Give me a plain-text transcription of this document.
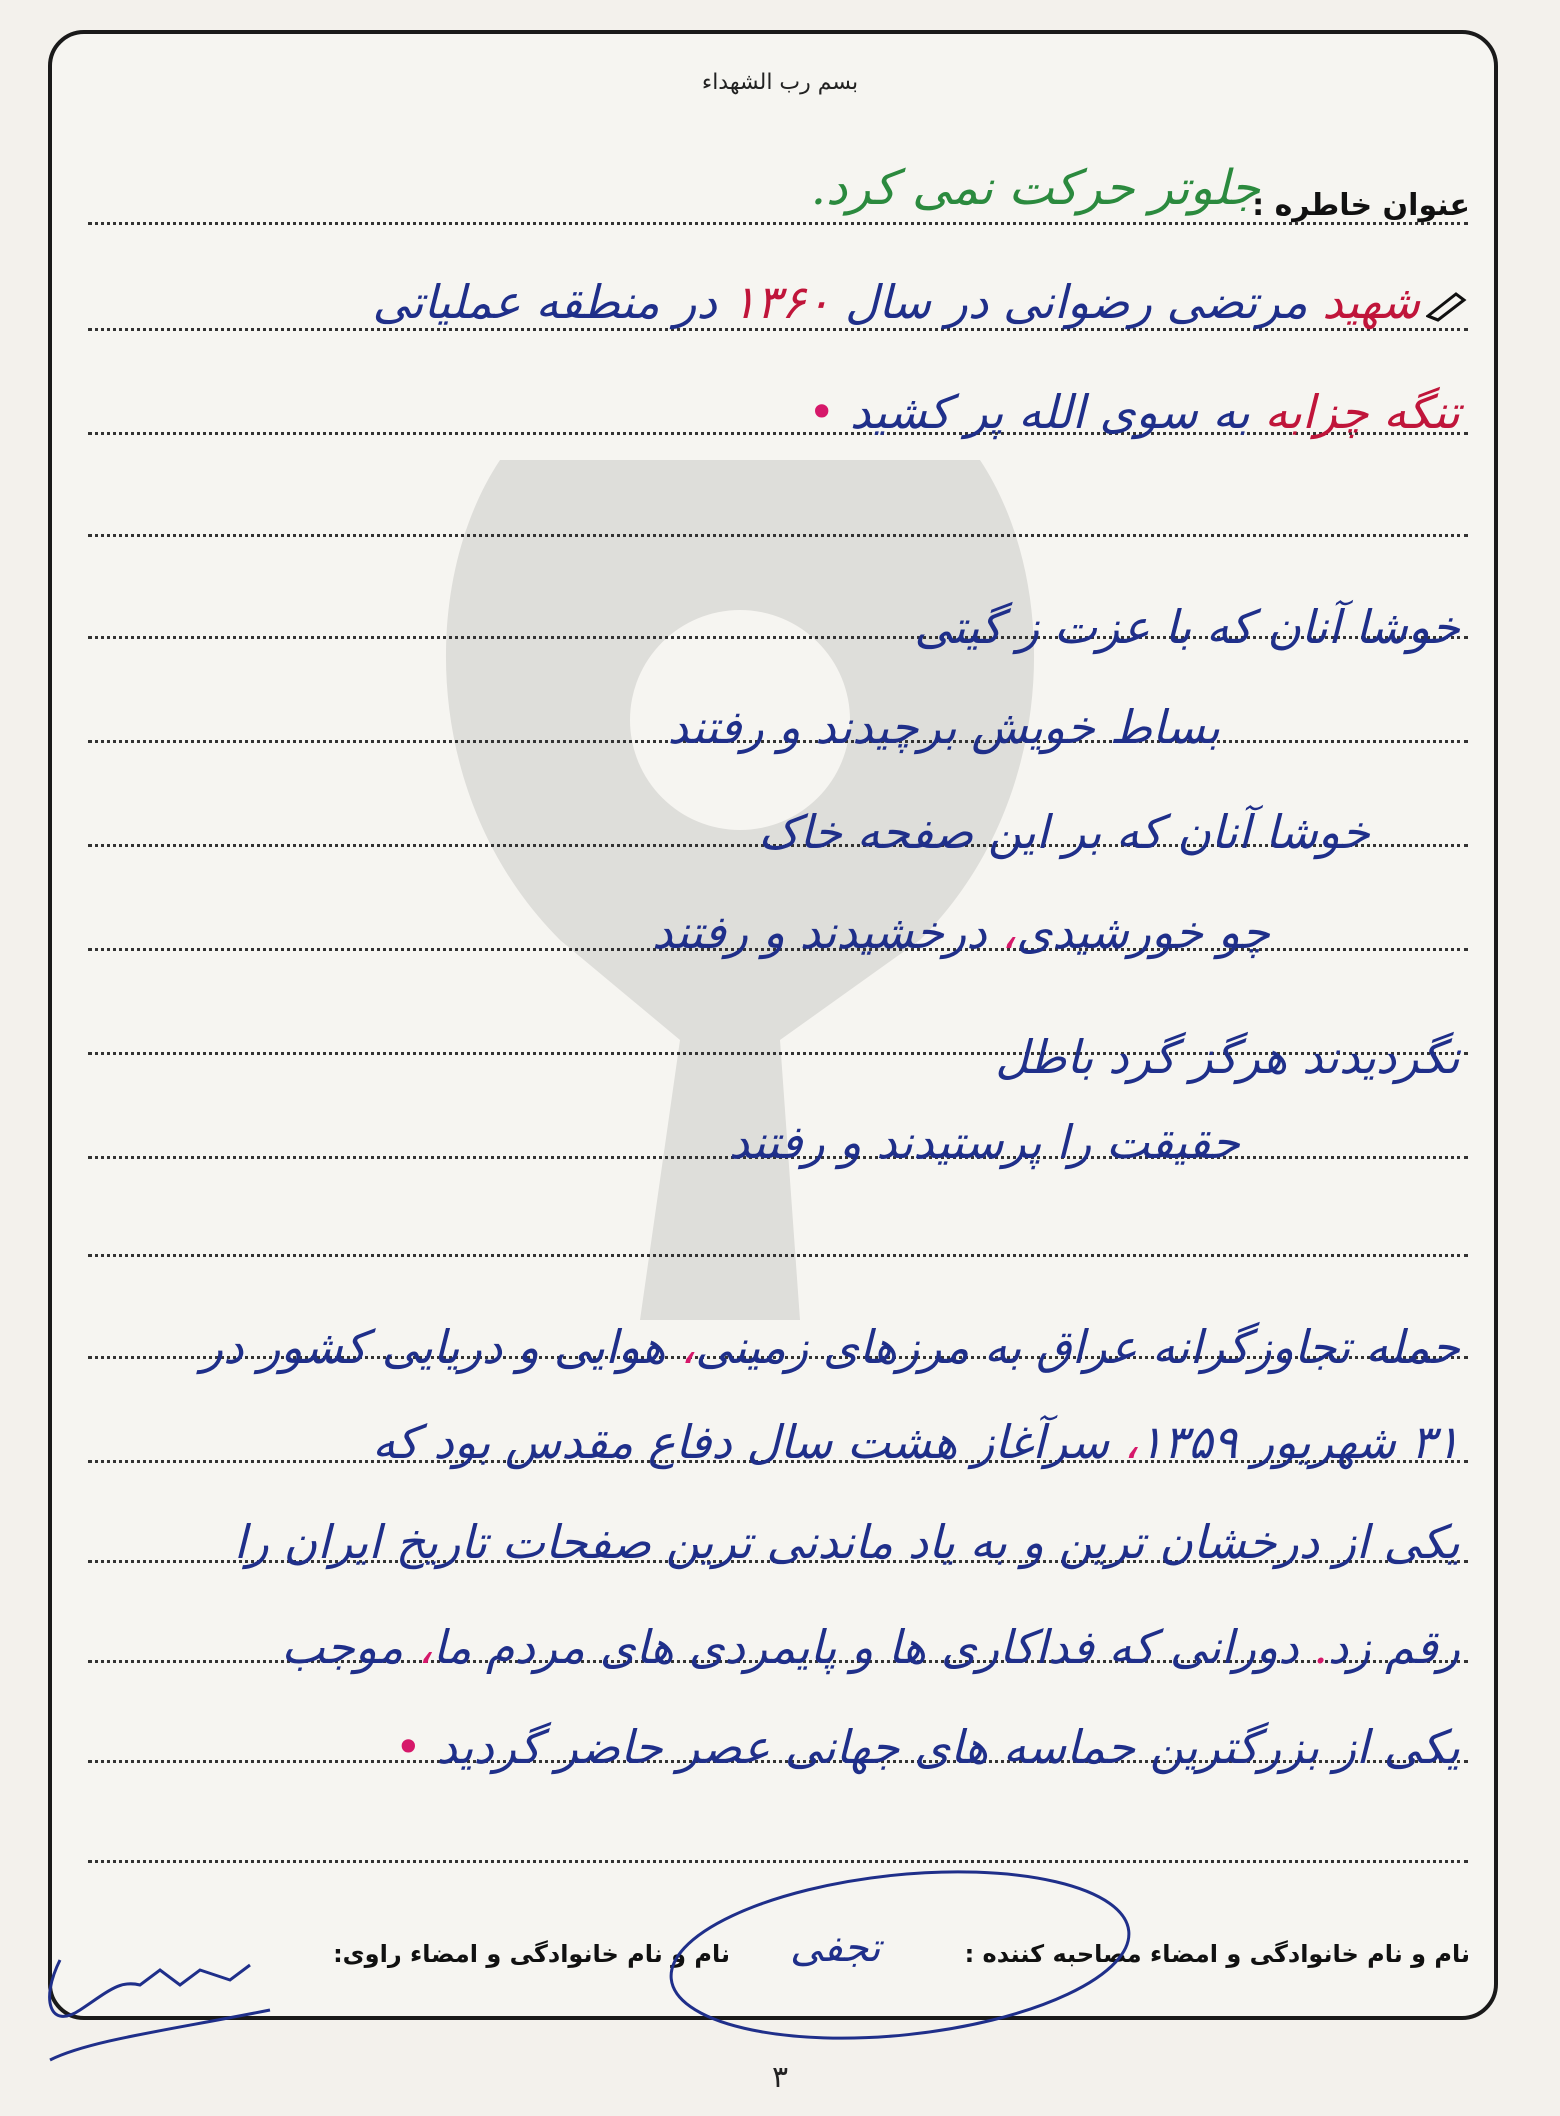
بسم رب الشهداء
عنوان خاطره :
جلوتر حرکت نمی کرد.
شهید مرتضی رضوانی در سال ۱۳۶۰ در منطقه عملیاتی
تنگه چزابه به سوی الله پر کشید •
خوشا آنان که با عزت ز گیتی
بساط خویش برچیدند و رفتند
خوشا آنان که بر این صفحه خاک
چو خورشیدی، درخشیدند و رفتند
نگردیدند هرگز گرد باطل
حقیقت را پرستیدند و رفتند
حمله تجاوزگرانه عراق به مرزهای زمینی، هوایی و دریایی کشور در
۳۱ شهریور ۱۳۵۹، سرآغاز هشت سال دفاع مقدس بود که
یکی از درخشان ترین و به یاد ماندنی ترین صفحات تاریخ ایران را
رقم زد. دورانی که فداکاری ها و پایمردی های مردم ما، موجب
یکی از بزرگترین حماسه های جهانی عصر حاضر گردید •
نام و نام خانوادگی و امضاء مصاحبه کننده :
نام و نام خانوادگی و امضاء راوی: تجفی
۳
